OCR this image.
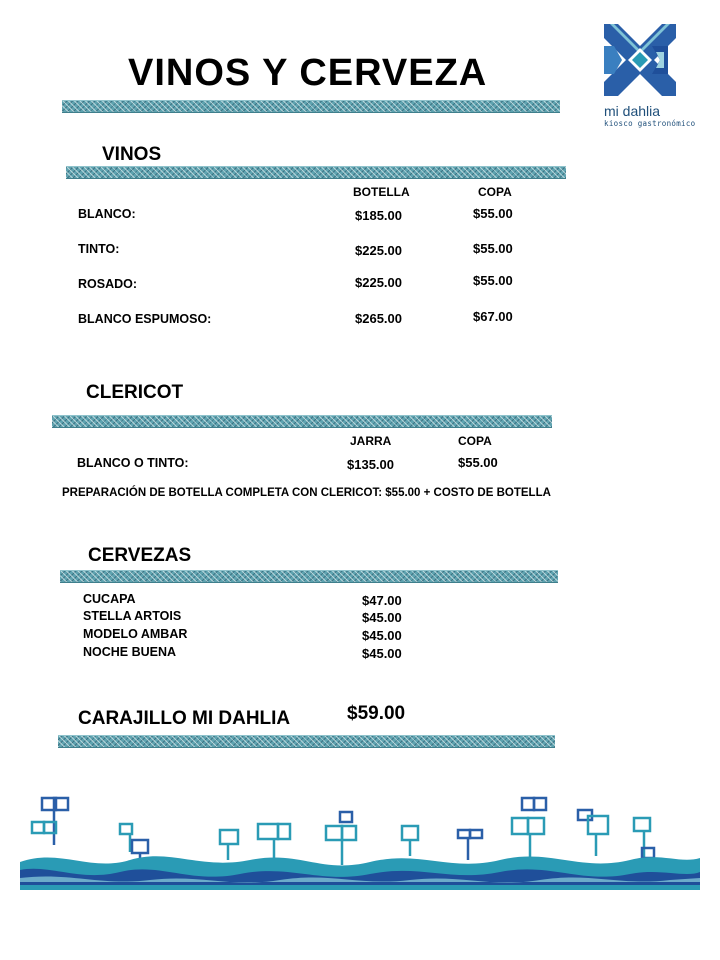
VINOS Y CERVEZA
mi dahlia
kiosco gastronómico
VINOS
BOTELLA	COPA
BLANCO:	$185.00	$55.00
TINTO:	$225.00	$55.00
ROSADO:	$225.00	$55.00
BLANCO ESPUMOSO:	$265.00	$67.00
CLERICOT
JARRA	COPA
BLANCO O TINTO:	$135.00	$55.00
PREPARACIÓN DE BOTELLA COMPLETA CON CLERICOT: $55.00 + COSTO DE BOTELLA
CERVEZAS
CUCAPA	$47.00
STELLA ARTOIS	$45.00
MODELO AMBAR	$45.00
NOCHE BUENA	$45.00
CARAJILLO MI DAHLIA	$59.00
